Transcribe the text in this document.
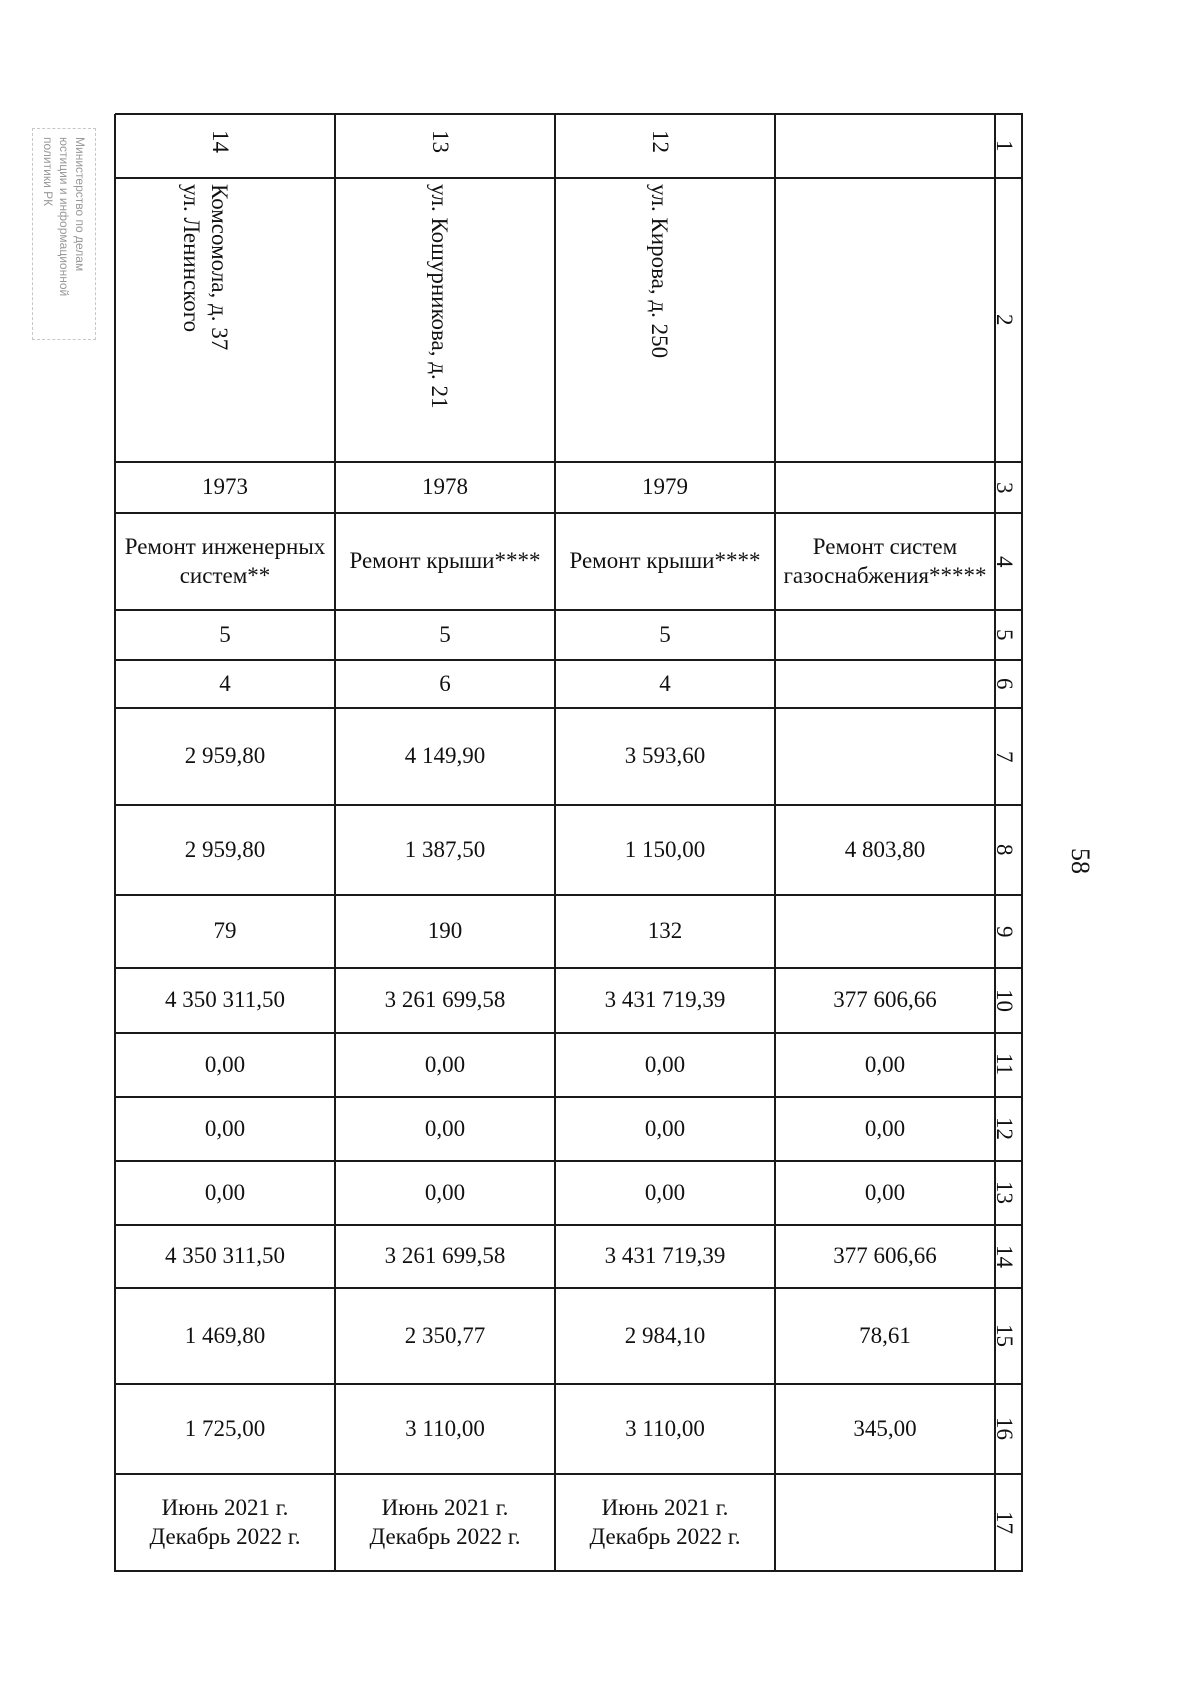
Ремонт систем
газоснабжения*****
4 803,80
377 606,66
0,00
0,00
0,00
377 606,66
78,61
345,00
12
ул. Кирова, д. 250
1979
Ремонт крыши****
5
4
3 593,60
1 150,00
132
3 431 719,39
0,00
0,00
0,00
3 431 719,39
2 984,10
3 110,00
Июнь 2021 г.
Декабрь 2022 г.
13
ул. Кошурникова, д. 21
1978
Ремонт крыши****
5
6
4 149,90
1 387,50
190
3 261 699,58
0,00
0,00
0,00
3 261 699,58
2 350,77
3 110,00
Июнь 2021 г.
Декабрь 2022 г.
14
ул. Ленинского Комсомола, д. 37
1973
Ремонт инженерных
систем**
5
4
2 959,80
2 959,80
79
4 350 311,50
0,00
0,00
0,00
4 350 311,50
1 469,80
1 725,00
Июнь 2021 г.
Декабрь 2022 г.
1
2
3
4
5
6
7
8
9
10
11
12
13
14
15
16
17
58
Министерство по делам
юстиции и информационной
политики РК
